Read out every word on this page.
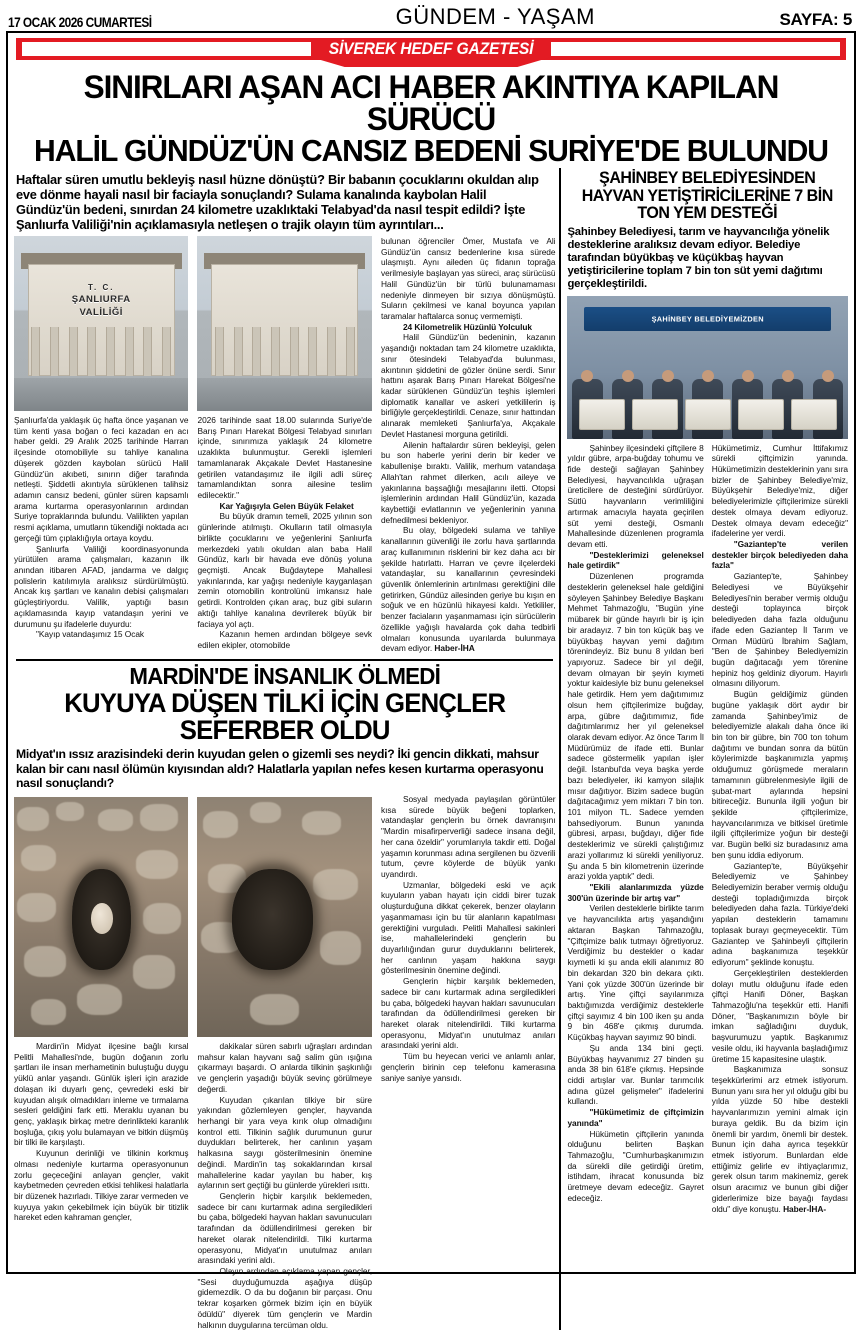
17 OCAK 2026 CUMARTESİ	GÜNDEM - YAŞAM	SAYFA: 5
SİVEREK HEDEF GAZETESİ
SINIRLARI AŞAN ACI HABER AKINTIYA KAPILAN SÜRÜCÜ
HALİL GÜNDÜZ'ÜN CANSIZ BEDENİ SURİYE'DE BULUNDU
Haftalar süren umutlu bekleyiş nasıl hüzne dönüştü? Bir babanın çocuklarını okuldan alıp eve dönme hayali nasıl bir faciayla sonuçlandı? Sulama kanalında kaybolan Halil Gündüz'ün bedeni, sınırdan 24 kilometre uzaklıktaki Telabyad'da nasıl tespit edildi? İşte Şanlıurfa Valiliği'nin açıklamasıyla netleşen o trajik olayın tüm ayrıntıları...
T. C.
ŞANLIURFA VALİLİĞİ

Şanlıurfa'da yaklaşık üç hafta önce yaşanan ve tüm kenti yasa boğan o feci kazadan en acı haber geldi. 29 Aralık 2025 tarihinde Harran ilçesinde otomobiliyle su tahliye kanalına düşerek gözden kaybolan sürücü Halil Gündüz'ün akıbeti, sınırın diğer tarafında netleşti. Şiddetli akıntıyla sürüklenen talihsiz adamın cansız bedeni, günler süren kapsamlı arama kurtarma operasyonlarının ardından Suriye topraklarında bulundu. Valilikten yapılan resmi açıklama, umutların tükendiği noktada acı gerçeği tüm çıplaklığıyla ortaya koydu.

Şanlıurfa Valiliği koordinasyonunda yürütülen arama çalışmaları, kazanın ilk anından itibaren AFAD, jandarma ve dalgıç polislerin katılımıyla aralıksız sürdürülmüştü. Ancak kış şartları ve kanalın debisi çalışmaları güçleştiriyordu. Valilik, yaptığı basın açıklamasında kayıp vatandaşın yerini ve durumunu şu ifadelerle duyurdu:

"Kayıp vatandaşımız 15 Ocak

2026 tarihinde saat 18.00 sularında Suriye'de Barış Pınarı Harekat Bölgesi Telabyad sınırları içinde, sınırımıza yaklaşık 24 kilometre uzaklıkta bulunmuştur. Gerekli işlemleri tamamlanarak Akçakale Devlet Hastanesine getirilen vatandaşımız ile ilgili adli süreç tamamlandıktan sonra ailesine teslim edilecektir."

Kar Yağışıyla Gelen Büyük Felaket

Bu büyük dramın temeli, 2025 yılının son günlerinde atılmıştı. Okulların tatil olmasıyla birlikte çocuklarını ve yeğenlerini Şanlıurfa merkezdeki yatılı okuldan alan baba Halil Gündüz, karlı bir havada eve dönüş yoluna geçmişti. Ancak Buğdaytepe Mahallesi yakınlarında, kar yağışı nedeniyle kayganlaşan zemin otomobilin kontrolünü imkansız hale getirdi. Kontrolden çıkan araç, buz gibi suların aktığı tahliye kanalına devrilerek büyük bir faciaya yol açtı.

Kazanın hemen ardından bölgeye sevk edilen ekipler, otomobilde

bulunan öğrenciler Ömer, Mustafa ve Ali Gündüz'ün cansız bedenlerine kısa sürede ulaşmıştı. Aynı aileden üç fidanın toprağa verilmesiyle başlayan yas süreci, araç sürücüsü Halil Gündüz'ün bir türlü bulunamaması nedeniyle dinmeyen bir sızıya dönüşmüştü. Suların çekilmesi ve kanal boyunca yapılan taramalar haftalarca sonuç vermemişti.

24 Kilometrelik Hüzünlü Yolculuk

Halil Gündüz'ün bedeninin, kazanın yaşandığı noktadan tam 24 kilometre uzaklıkta, sınır ötesindeki Telabyad'da bulunması, akıntının şiddetini de gözler önüne serdi. Sınır hattını aşarak Barış Pınarı Harekat Bölgesi'ne kadar sürüklenen Gündüz'ün teşhis işlemleri diplomatik kanallar ve askeri yetkililerin iş birliğiyle gerçekleştirildi. Cenaze, sınır hattından alınarak memleketi Şanlıurfa'ya, Akçakale Devlet Hastanesi morguna getirildi.

Ailenin haftalardır süren bekleyişi, gelen bu son haberle yerini derin bir keder ve kabullenişe bıraktı. Valilik, merhum vatandaşa Allah'tan rahmet dilerken, acılı aileye ve yakınlarına başsağlığı mesajlarını iletti. Otopsi işlemlerinin ardından Halil Gündüz'ün, kazada kaybettiği evlatlarının ve yeğenlerinin yanına defnedilmesi bekleniyor.

Bu olay, bölgedeki sulama ve tahliye kanallarının güvenliği ile zorlu hava şartlarında araç kullanımının risklerini bir kez daha acı bir şekilde hatırlattı. Harran ve çevre ilçelerdeki vatandaşlar, su kanallarının çevresindeki güvenlik önlemlerinin artırılması gerektiğini dile getirirken, Gündüz ailesinden geriye bu kışın en soğuk ve en hüzünlü hikayesi kaldı. Yetkililer, benzer faciaların yaşanmaması için sürücülerin özellikle yağışlı havalarda çok daha tedbirli olmaları konusunda uyarılarda bulunmaya devam ediyor. Haber-İHA

MARDİN'DE İNSANLIK ÖLMEDİ
KUYUYA DÜŞEN TİLKİ İÇİN GENÇLER SEFERBER OLDU
Midyat'ın ıssız arazisindeki derin kuyudan gelen o gizemli ses neydi? İki gencin dikkati, mahsur kalan bir canı nasıl ölümün kıyısından aldı? Halatlarla yapılan nefes kesen kurtarma operasyonu nasıl sonuçlandı?

Mardin'in Midyat ilçesine bağlı kırsal Pelitli Mahallesi'nde, bugün doğanın zorlu şartları ile insan merhametinin buluştuğu duygu yüklü anlar yaşandı. Günlük işleri için arazide dolaşan iki duyarlı genç, çevredeki eski bir kuyudan alışık olmadıkları inleme ve tırmalama sesleri geldiğini fark etti. Meraklu uyanan bu genç, yaklaşık birkaç metre derinlikteki karanlık boşluğa, çıkış yolu bulamayan ve bitkin düşmüş bir tilki ile karşılaştı.

Kuyunun derinliği ve tilkinin korkmuş olması nedeniyle kurtarma operasyonunun zorlu geçeceğini anlayan gençler, vakit kaybetmeden çevreden etkisi tehlikesi halatlarla bir düzenek hazırladı. Tilkiye zarar vermeden ve kuyuya yakın çekebilmek için büyük bir titizlik hareket eden kahraman gençler,

dakikalar süren sabırlı uğraşları ardından mahsur kalan hayvanı sağ salim gün ışığına çıkarmayı başardı. O anlarda tilkinin şaşkınlığı ve gençlerin yaşadığı büyük sevinç görülmeye değerdi.

Kuyudan çıkarılan tilkiye bir süre yakından gözlemleyen gençler, hayvanda herhangi bir yara veya kırık olup olmadığını kontrol etti. Tilkinin sağlık durumunun gurur duydukları belirterek, her canlının yaşam halkasına saygı gösterilmesinin önemine değindi. Mardin'in taş sokaklarından kırsal mahallelerine kadar yayılan bu haber, kış aylarının sert geçtiği bu günlerde yürekleri ısıttı.

Gençlerin hiçbir karşılık beklemeden, sadece bir canı kurtarmak adına sergiledikleri bu çaba, bölgedeki hayvan hakları savunucuları tarafından da ödüllendirilmesi gereken bir hareket olarak nitelendirildi. Tilki kurtarma operasyonu, Midyat'ın unutulmaz anıları arasındaki yerini aldı.

Olayın ardından açıklama yapan gençler, "Sesi duyduğumuzda aşağıya düşüp gidemezdik. O da bu doğanın bir parçası. Onu tekrar koşarken görmek bizim için en büyük ödüldü" diyerek tüm gençlerin ve Mardin halkının duygularına tercüman oldu.

Sosyal medyada paylaşılan görüntüler kısa sürede büyük beğeni toplarken, vatandaşlar gençlerin bu örnek davranışını "Mardin misafirperverliği sadece insana değil, her cana özeldir" yorumlarıyla takdir etti. Doğal yaşamın korunması adına sergilenen bu özverili tutum, çevre köylerde de büyük yankı uyandırdı.

Uzmanlar, bölgedeki eski ve açık kuyuların yaban hayatı için ciddi birer tuzak oluşturduğuna dikkat çekerek, benzer olayların yaşanmaması için bu tür alanların kapatılması gerektiğini vurguladı. Pelitli Mahallesi sakinleri ise, mahallelerindeki gençlerin bu duyarlılığından gurur duyduklarını belirterek, her canlının yaşam hakkına saygı gösterilmesinin önemine değindi.

Gençlerin hiçbir karşılık beklemeden, sadece bir canı kurtarmak adına sergiledikleri bu çaba, bölgedeki hayvan hakları savunucuları tarafından da ödüllendirilmesi gereken bir hareket olarak nitelendirildi. Tilki kurtarma operasyonu, Midyat'ın unutulmaz anıları arasındaki yerini aldı.

Tüm bu heyecan verici ve anlamlı anlar, gençlerin birinin cep telefonu kamerasına saniye saniye yansıdı.

ŞAHİNBEY BELEDİYESİNDEN HAYVAN YETİŞTİRİCİLERİNE 7 BİN TON YEM DESTEĞİ
Şahinbey Belediyesi, tarım ve hayvancılığa yönelik desteklerine aralıksız devam ediyor. Belediye tarafından büyükbaş ve küçükbaş hayvan yetiştiricilerine toplam 7 bin ton süt yemi dağıtımı gerçekleştirildi.
ŞAHİNBEY BELEDİYEMİZDEN

Şahinbey ilçesindeki çiftçilere 8 yıldır gübre, arpa-buğday tohumu ve fide desteği sağlayan Şahinbey Belediyesi, hayvancılıkla uğraşan üreticilere de desteğini sürdürüyor. Sütlü hayvanların verimliliğini artırmak amacıyla hayata geçirilen süt yemi desteği, Osmanlı Mahallesinde düzenlenen programla devam etti.

"Desteklerimizi geleneksel hale getirdik"

Düzenlenen programda desteklerin geleneksel hale geldiğini söyleyen Şahinbey Belediye Başkanı Mehmet Tahmazoğlu, "Bugün yine mübarek bir günde hayırlı bir iş için bir aradayız. 7 bin ton küçük baş ve büyükbaş hayvan yemi dağıtım törenindeyiz. Biz bunu 8 yıldan beri yapıyoruz. Sadece bir yıl değil, devam olmayan bir şeyin kıymeti yoktur kaidesiyle biz bunu geleneksel hale getirdik. Hem yem dağıtımımız olsun hem çiftçilerimize buğday, arpa, gübre dağıtımımız, fide dağıtımlarımız her yıl geleneksel olarak devam ediyor. Az önce Tarım İl Müdürümüz de ifade etti. Bunlar sadece göstermelik yapılan işler değil. İstanbul'da veya başka yerde bazı belediyeler, iki kamyon silajlık mısır dağıtıyor. Bizim sadece bugün dağıtacağımız yem miktarı 7 bin ton. 101 milyon TL. Sadece yemden bahsediyorum. Bunun yanında gübresi, arpası, buğdayı, diğer fide desteklerimiz ve sürekli çalıştığımız arazi yollarımız ki sürekli yeniliyoruz. Şu anda 5 bin kilometrenin üzerinde arazi yolda yaptık" dedi.

"Ekili alanlarımızda yüzde 300'ün üzerinde bir artış var"

Verilen desteklerle birlikte tarım ve hayvancılıkta artış yaşandığını aktaran Başkan Tahmazoğlu, "Çiftçimize balık tutmayı öğretiyoruz. Verdiğimiz bu destekler o kadar kıymetli ki şu anda ekili alanımız 80 bin dekardan 320 bin dekara çıktı. Yani çok yüzde 300'ün üzerinde bir artış. Yine çiftçi sayılarımıza baktığımızda verdiğimiz desteklerle çiftçi sayımız 4 bin 100 iken şu anda 9 bin 468'e çıkmış durumda. Küçükbaş hayvan sayımız 90 bindi.

Şu anda 134 bini geçti. Büyükbaş hayvanımız 27 binden şu anda 38 bin 618'e çıkmış. Hepsinde ciddi artışlar var. Bunlar tarımcılık adına güzel gelişmeler" ifadelerini kullandı.

"Hükümetimiz de çiftçimizin yanında"

Hükümetin çiftçilerin yanında olduğunu belirten Başkan Tahmazoğlu, "Cumhurbaşkanımızın da sürekli dile getirdiği üretim, istihdam, ihracat konusunda biz üretmeye devam edeceğiz. Gayret edeceğiz.

Hükümetimiz, Cumhur İttifakımız sürekli çiftçimizin yanında. Hükümetimizin desteklerinin yanı sıra bizler de Şahinbey Belediye'miz, Büyükşehir Belediye'miz, diğer belediyelerimizle çiftçilerimize sürekli destek olmaya devam ediyoruz. Destek olmaya devam edeceğiz" ifadelerine yer verdi.

"Gaziantep'te verilen destekler birçok belediyeden daha fazla"

Gaziantep'te, Şahinbey Belediyesi ve Büyükşehir Belediyesi'nin beraber vermiş olduğu desteği toplayınca birçok belediyeden daha fazla olduğunu ifade eden Gaziantep İl Tarım ve Orman Müdürü İbrahim Sağlam, "Ben de Şahinbey Belediyemizin bugün dağıtacağı yem törenine hepiniz hoş geldiniz diyorum. Hayırlı olmasını diliyorum.

Bugün geldiğimiz günden bugüne yaklaşık dört aydır bir zamanda Şahinbey'imiz de belediyemizle alakalı daha önce iki bin ton bir gübre, bin 700 ton tohum dağıtımı ve bundan sonra da bütün köylerimizde başkanımızla yapmış olduğumuz görüşmede meraların tamamının gübrelenmesiyle ilgili de şubat-mart aylarında hepsini bitireceğiz. Bununla ilgili yoğun bir şekilde çiftçilerimize, hayvancılarımıza ve bitkisel üretimle ilgili çiftçilerimize yoğun bir desteği var. Bugün belki siz buradasınız ama ben şunu iddia ediyorum.

Gaziantep'te, Büyükşehir Belediyemiz ve Şahinbey Belediyemizin beraber vermiş olduğu desteği topladığımızda birçok belediyeden daha fazla. Türkiye'deki yapılan desteklerin tamamını toplasak burayı geçmeyecektir. Tüm Gaziantep ve Şahinbeyli çiftçilerin adına başkanımıza teşekkür ediyorum" şeklinde konuştu.

Gerçekleştirilen desteklerden dolayı mutlu olduğunu ifade eden çiftçi Hanifi Döner, Başkan Tahmazoğlu'na teşekkür etti. Hanifi Döner, "Başkanımızın böyle bir imkan sağladığını duyduk, başvurumuzu yaptık. Başkanımız vesile oldu, iki hayvanla başladığımız üretime 15 kapasitesine ulaştık.

Başkanımıza sonsuz teşekkürlerimi arz etmek istiyorum. Bunun yanı sıra her yıl olduğu gibi bu yılda yüzde 50 hibe destekli hayvanlarımızın yemini almak için buraya geldik. Bu da bizim için önemli bir yardım, önemli bir destek. Bunun için daha ayrıca teşekkür etmek istiyorum. Bunlardan elde ettiğimiz gelirle ev ihtiyaçlarımız, gerek olsun tarım makinemiz, gerek olsun aracımız ve bunun gibi diğer giderlerimize bize bayağı faydası oldu" diye konuştu. Haber-İHA-
